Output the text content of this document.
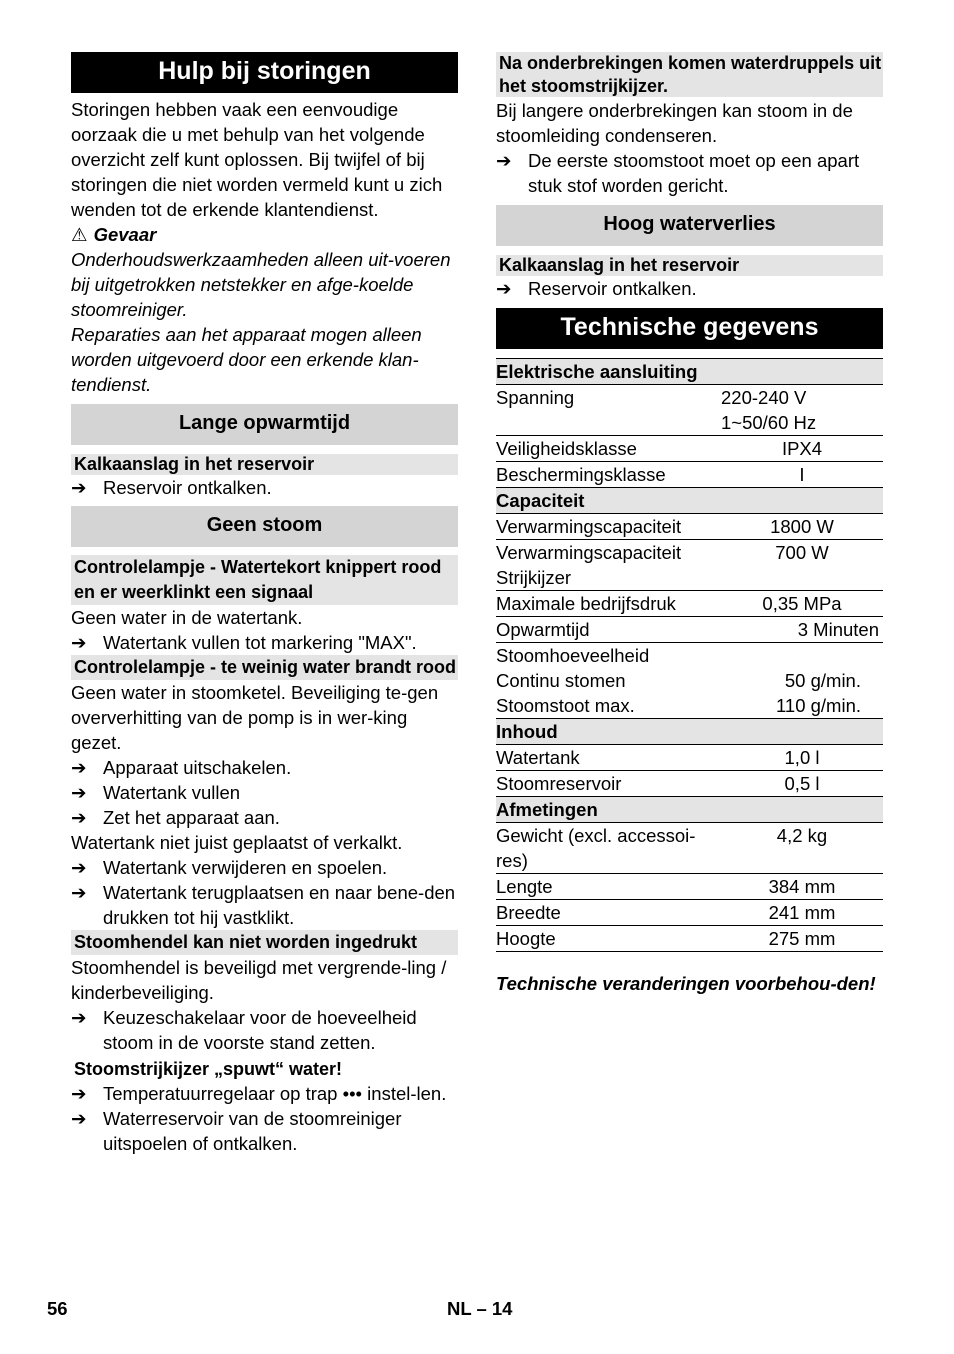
Hulp bij storingen

Storingen hebben vaak een eenvoudige oorzaak die u met behulp van het volgende overzicht zelf kunt oplossen. Bij twijfel of bij storingen die niet worden vermeld kunt u zich wenden tot de erkende klantendienst.

⚠ Gevaar

Onderhoudswerkzaamheden alleen uit-voeren bij uitgetrokken netstekker en afge-koelde stoomreiniger.

Reparaties aan het apparaat mogen alleen worden uitgevoerd door een erkende klan-tendienst.

Lange opwarmtijd
Kalkaanslag in het reservoir
➔ Reservoir ontkalken.
Geen stoom
Controlelampje - Watertekort knippert rood en er weerklinkt een signaal

Geen water in de watertank.

➔ Watertank vullen tot markering "MAX".
Controlelampje - te weinig water brandt rood

Geen water in stoomketel. Beveiliging te-gen oververhitting van de pomp is in wer-king gezet.

➔ Apparaat uitschakelen.
➔ Watertank vullen
➔ Zet het apparaat aan.

Watertank niet juist geplaatst of verkalkt.

➔ Watertank verwijderen en spoelen.
➔ Watertank terugplaatsen en naar bene-den drukken tot hij vastklikt.
Stoomhendel kan niet worden ingedrukt

Stoomhendel is beveiligd met vergrende-ling / kinderbeveiliging.

➔ Keuzeschakelaar voor de hoeveelheid stoom in de voorste stand zetten.
Stoomstrijkijzer „spuwt“ water!
➔ Temperatuurregelaar op trap ••• instel-len.
➔ Waterreservoir van de stoomreiniger uitspoelen of ontkalken.
Na onderbrekingen komen waterdruppels uit het stoomstrijkijzer.

Bij langere onderbrekingen kan stoom in de stoomleiding condenseren.

➔ De eerste stoomstoot moet op een apart stuk stof worden gericht.
Hoog waterverlies
Kalkaanslag in het reservoir
➔ Reservoir ontkalken.
Technische gegevens
Elektrische aansluiting	
Spanning	220-240 V
1~50/60 Hz

Veiligheidsklasse	IPX4
Beschermingsklasse	I
Capaciteit	
Verwarmingscapaciteit	1800 W
Verwarmingscapaciteit Strijkijzer	700 W
Maximale bedrijfsdruk	0,35 MPa
Opwarmtijd	3 Minuten
Stoomhoeveelheid	
Continu stomen	50 g/min.
Stoomstoot max.	110 g/min.
Inhoud	
Watertank	1,0 l
Stoomreservoir	0,5 l
Afmetingen	
Gewicht (excl. accessoi-res)	4,2 kg
Lengte	384 mm
Breedte	241 mm
Hoogte	275 mm

Technische veranderingen voorbehou-den!

56	NL – 14
